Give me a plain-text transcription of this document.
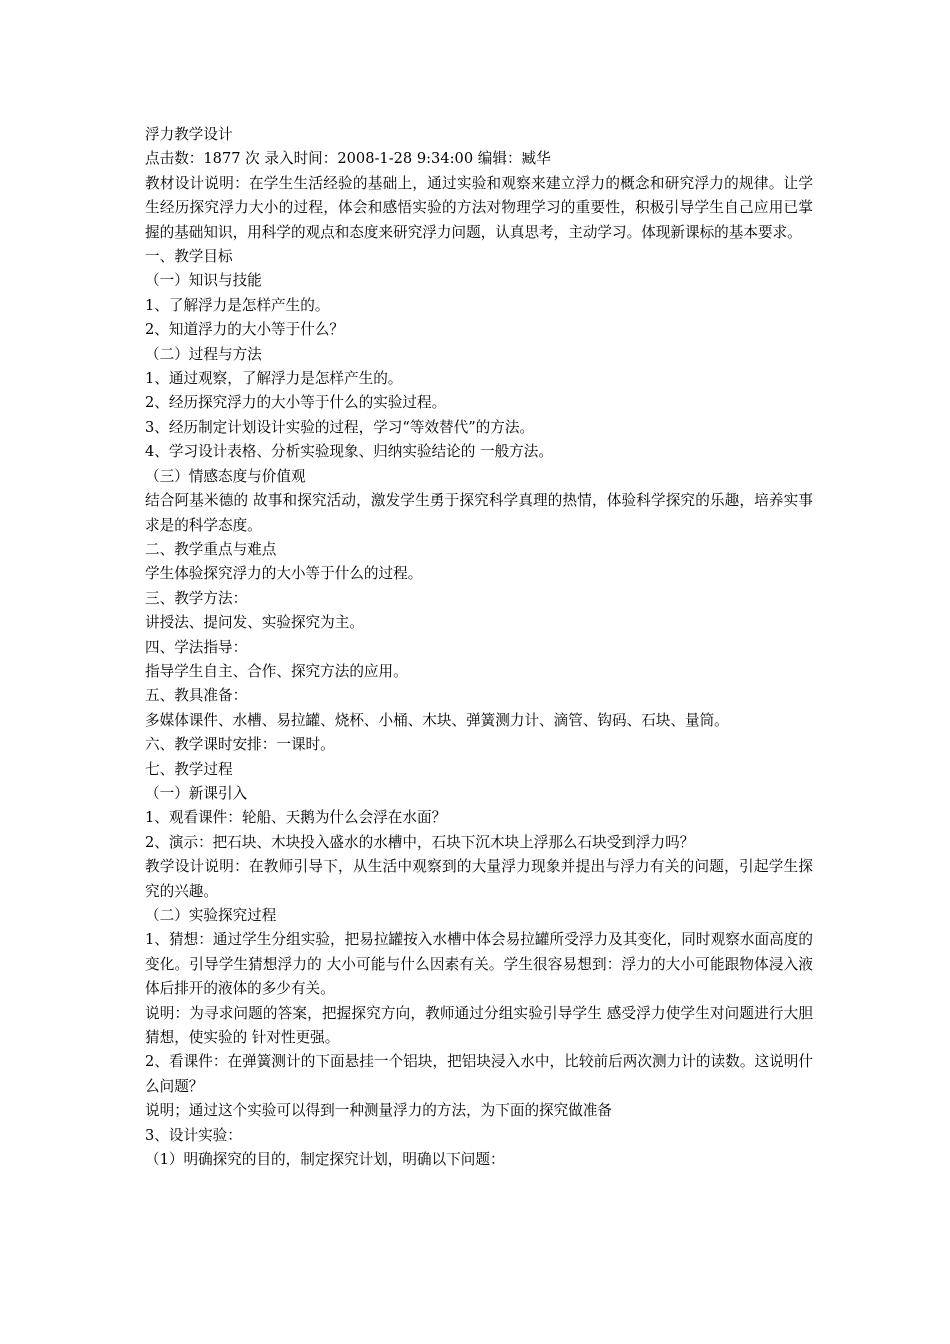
浮力教学设计
点击数：1877 次 录入时间：2008-1-28 9:34:00 编辑：臧华
教材设计说明：在学生生活经验的基础上，通过实验和观察来建立浮力的概念和研究浮力的规律。让学生经历探究浮力大小的过程，体会和感悟实验的方法对物理学习的重要性，积极引导学生自己应用已掌握的基础知识，用科学的观点和态度来研究浮力问题，认真思考，主动学习。体现新课标的基本要求。
一、教学目标
（一）知识与技能
1、了解浮力是怎样产生的。
2、知道浮力的大小等于什么？
（二）过程与方法
1、通过观察，了解浮力是怎样产生的。
2、经历探究浮力的大小等于什么的实验过程。
3、经历制定计划设计实验的过程，学习“等效替代”的方法。
4、学习设计表格、分析实验现象、归纳实验结论的 一般方法。
（三）情感态度与价值观
结合阿基米德的 故事和探究活动，激发学生勇于探究科学真理的热情，体验科学探究的乐趣，培养实事求是的科学态度。
二、教学重点与难点
学生体验探究浮力的大小等于什么的过程。
三、教学方法：
讲授法、提问发、实验探究为主。
四、学法指导：
指导学生自主、合作、探究方法的应用。
五、教具准备：
多媒体课件、水槽、易拉罐、烧杯、小桶、木块、弹簧测力计、滴管、钩码、石块、量筒。
六、教学课时安排：一课时。
七、教学过程
（一）新课引入
1、观看课件：轮船、天鹅为什么会浮在水面？
2、演示：把石块、木块投入盛水的水槽中，石块下沉木块上浮那么石块受到浮力吗？
教学设计说明：在教师引导下，从生活中观察到的大量浮力现象并提出与浮力有关的问题，引起学生探究的兴趣。
（二）实验探究过程
1、猜想：通过学生分组实验，把易拉罐按入水槽中体会易拉罐所受浮力及其变化，同时观察水面高度的 变化。引导学生猜想浮力的 大小可能与什么因素有关。学生很容易想到：浮力的大小可能跟物体浸入液体后排开的液体的多少有关。
说明：为寻求问题的答案，把握探究方向，教师通过分组实验引导学生 感受浮力使学生对问题进行大胆猜想，使实验的 针对性更强。
2、看课件：在弹簧测计的下面悬挂一个铝块，把铝块浸入水中，比较前后两次测力计的读数。这说明什么问题？
说明；通过这个实验可以得到一种测量浮力的方法，为下面的探究做准备
3、设计实验：
（1）明确探究的目的，制定探究计划，明确以下问题：
